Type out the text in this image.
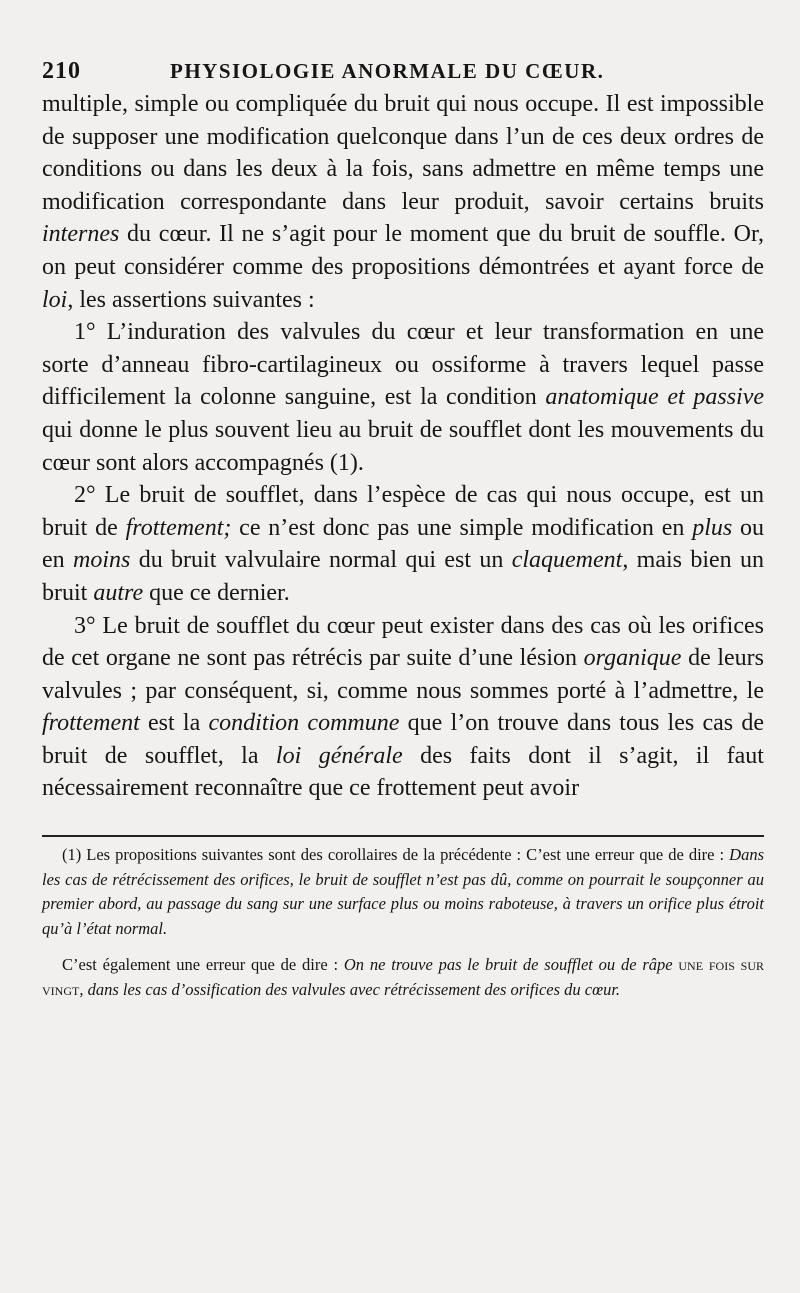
210	PHYSIOLOGIE ANORMALE DU CŒUR.

multiple, simple ou compliquée du bruit qui nous occupe. Il est impossible de supposer une modification quelconque dans l’un de ces deux ordres de conditions ou dans les deux à la fois, sans admettre en même temps une modification correspondante dans leur produit, savoir certains bruits internes du cœur. Il ne s’agit pour le moment que du bruit de souffle. Or, on peut considérer comme des propositions démontrées et ayant force de loi, les assertions suivantes :

1° L’induration des valvules du cœur et leur transformation en une sorte d’anneau fibro-cartilagineux ou ossiforme à travers lequel passe difficilement la colonne sanguine, est la condition anatomique et passive qui donne le plus souvent lieu au bruit de soufflet dont les mouvements du cœur sont alors accompagnés (1).

2° Le bruit de soufflet, dans l’espèce de cas qui nous occupe, est un bruit de frottement; ce n’est donc pas une simple modification en plus ou en moins du bruit valvulaire normal qui est un claquement, mais bien un bruit autre que ce dernier.

3° Le bruit de soufflet du cœur peut exister dans des cas où les orifices de cet organe ne sont pas rétrécis par suite d’une lésion organique de leurs valvules ; par conséquent, si, comme nous sommes porté à l’admettre, le frottement est la condition commune que l’on trouve dans tous les cas de bruit de soufflet, la loi générale des faits dont il s’agit, il faut nécessairement reconnaître que ce frottement peut avoir

(1) Les propositions suivantes sont des corollaires de la précédente : C’est une erreur que de dire : Dans les cas de rétrécissement des orifices, le bruit de soufflet n’est pas dû, comme on pourrait le soupçonner au premier abord, au passage du sang sur une surface plus ou moins raboteuse, à travers un orifice plus étroit qu’à l’état normal.

C’est également une erreur que de dire : On ne trouve pas le bruit de soufflet ou de râpe une fois sur vingt, dans les cas d’ossification des valvules avec rétrécissement des orifices du cœur.
